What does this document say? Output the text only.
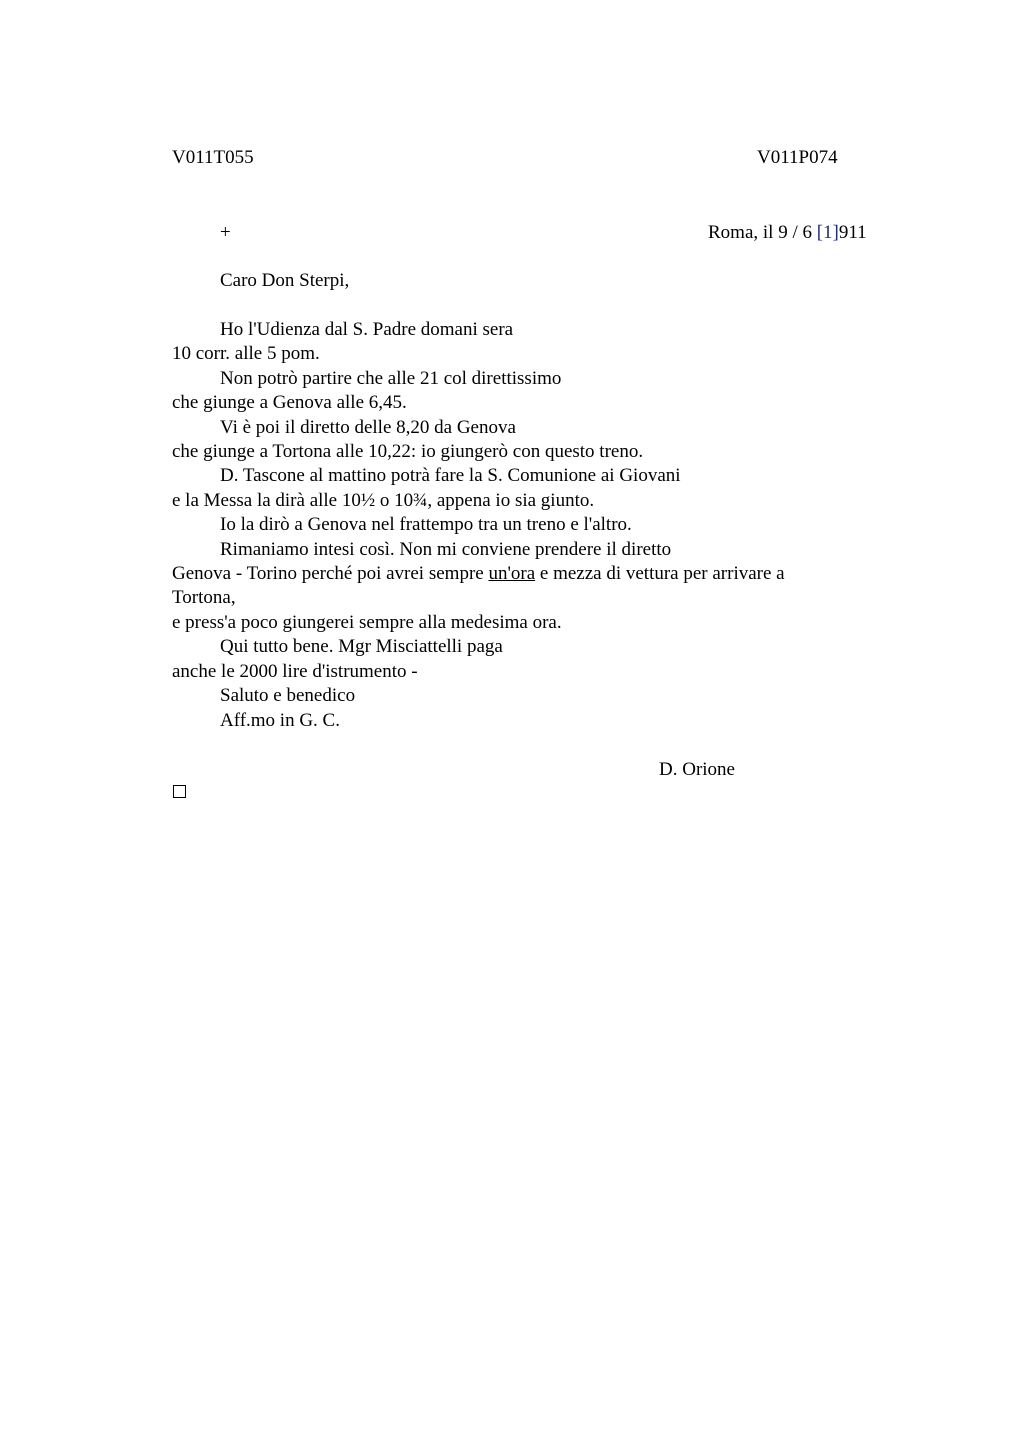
V011T055	V011P074
+	Roma, il 9 / 6 [1]911
Caro Don Sterpi,
Ho l'Udienza dal S. Padre domani sera
10 corr. alle 5 pom.
Non potrò partire che alle 21 col direttissimo
che giunge a Genova alle 6,45.
Vi è poi il diretto delle 8,20 da Genova
che giunge a Tortona alle 10,22: io giungerò con questo treno.
D. Tascone al mattino potrà fare la S. Comunione ai Giovani
e la Messa la dirà alle 10½ o 10¾, appena io sia giunto.
Io la dirò a Genova nel frattempo tra un treno e l'altro.
Rimaniamo intesi così. Non mi conviene prendere il diretto
Genova - Torino perché poi avrei sempre un'ora e mezza di vettura per arrivare a
Tortona,
e press'a poco giungerei sempre alla medesima ora.
Qui tutto bene. Mgr Misciattelli paga
anche le 2000 lire d'istrumento -
Saluto e benedico
Aff.mo in G. C.
D. Orione
